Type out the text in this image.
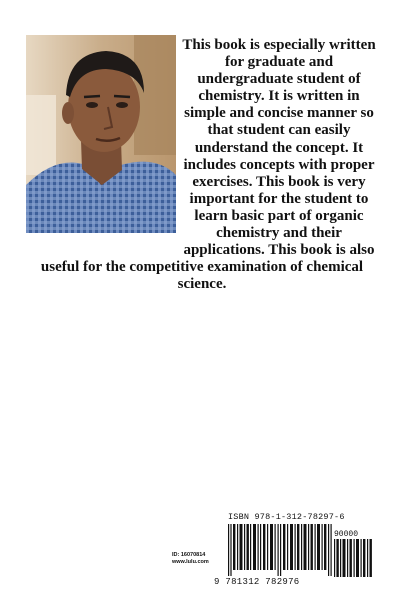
This book is especially written for graduate and undergraduate student of chemistry. It is written in simple and concise manner so that student can easily understand the concept. It includes concepts with proper exercises. This book is very important for the student to learn basic part of organic chemistry and their applications. This book is also useful for the competitive examination of chemical science.

ISBN 978-1-312-78297-6
90000
9 781312 782976
ID: 16070814
www.lulu.com
